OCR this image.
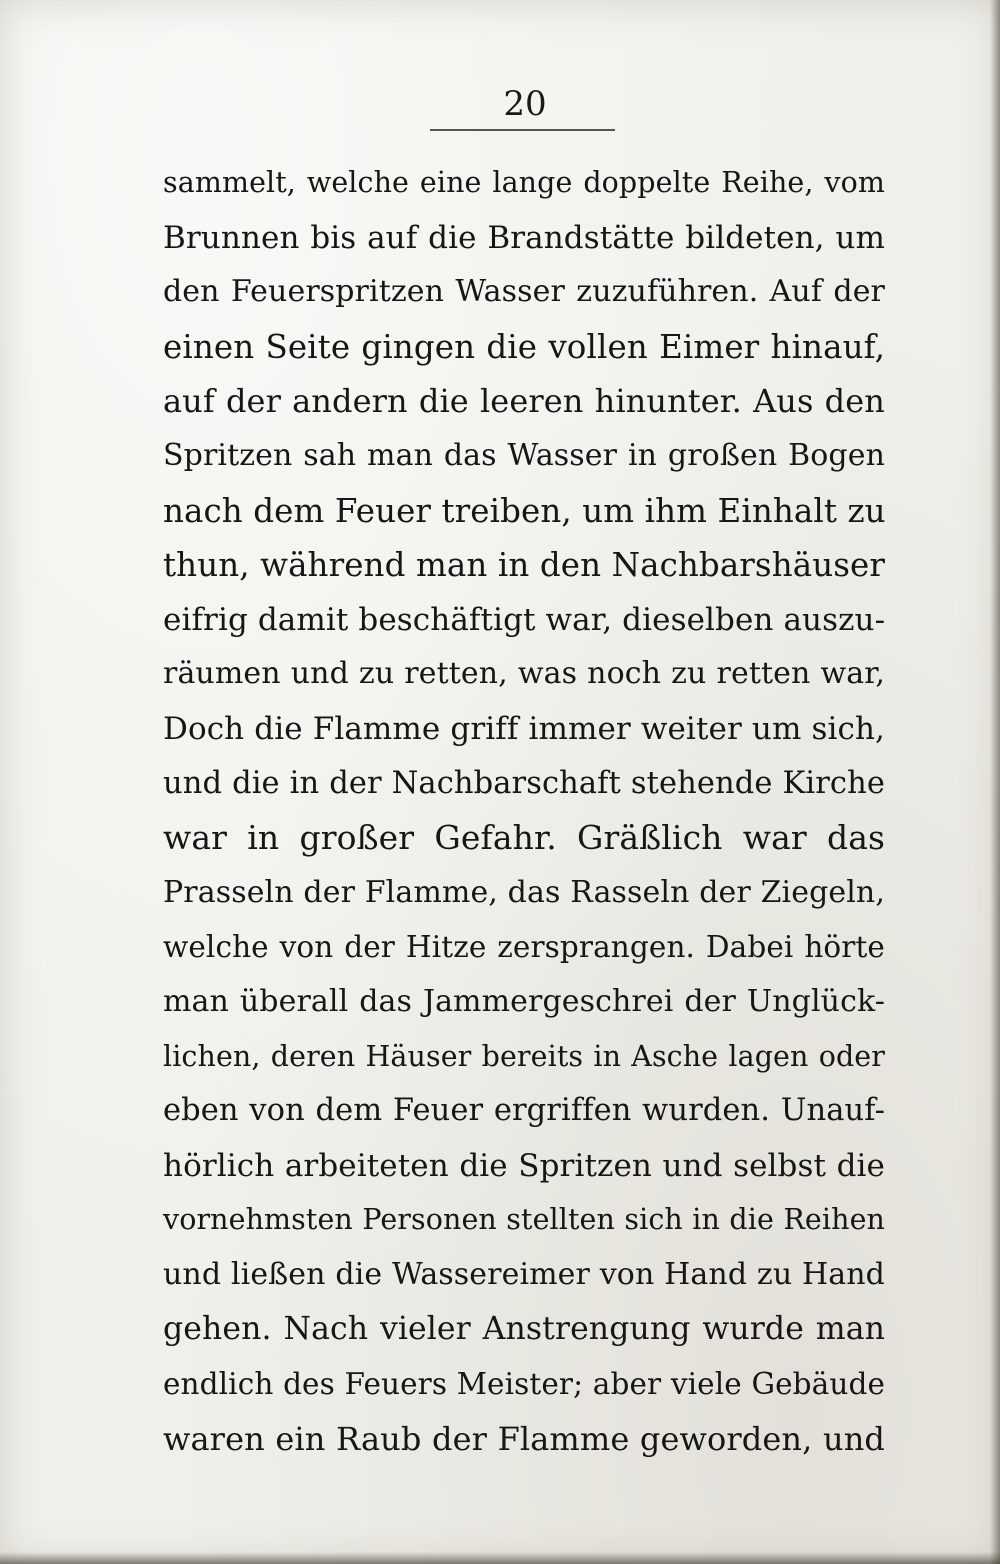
20
sammelt, welche eine lange doppelte Reihe, vom
Brunnen bis auf die Brandstätte bildeten, um
den Feuerspritzen Wasser zuzuführen. Auf der
einen Seite gingen die vollen Eimer hinauf,
auf der andern die leeren hinunter. Aus den
Spritzen sah man das Wasser in großen Bogen
nach dem Feuer treiben, um ihm Einhalt zu
thun, während man in den Nachbarshäuser
eifrig damit beschäftigt war, dieselben auszu-
räumen und zu retten, was noch zu retten war,
Doch die Flamme griff immer weiter um sich,
und die in der Nachbarschaft stehende Kirche
war in großer Gefahr. Gräßlich war das
Prasseln der Flamme, das Rasseln der Ziegeln,
welche von der Hitze zersprangen. Dabei hörte
man überall das Jammergeschrei der Unglück-
lichen, deren Häuser bereits in Asche lagen oder
eben von dem Feuer ergriffen wurden. Unauf-
hörlich arbeiteten die Spritzen und selbst die
vornehmsten Personen stellten sich in die Reihen
und ließen die Wassereimer von Hand zu Hand
gehen. Nach vieler Anstrengung wurde man
endlich des Feuers Meister; aber viele Gebäude
waren ein Raub der Flamme geworden, und
